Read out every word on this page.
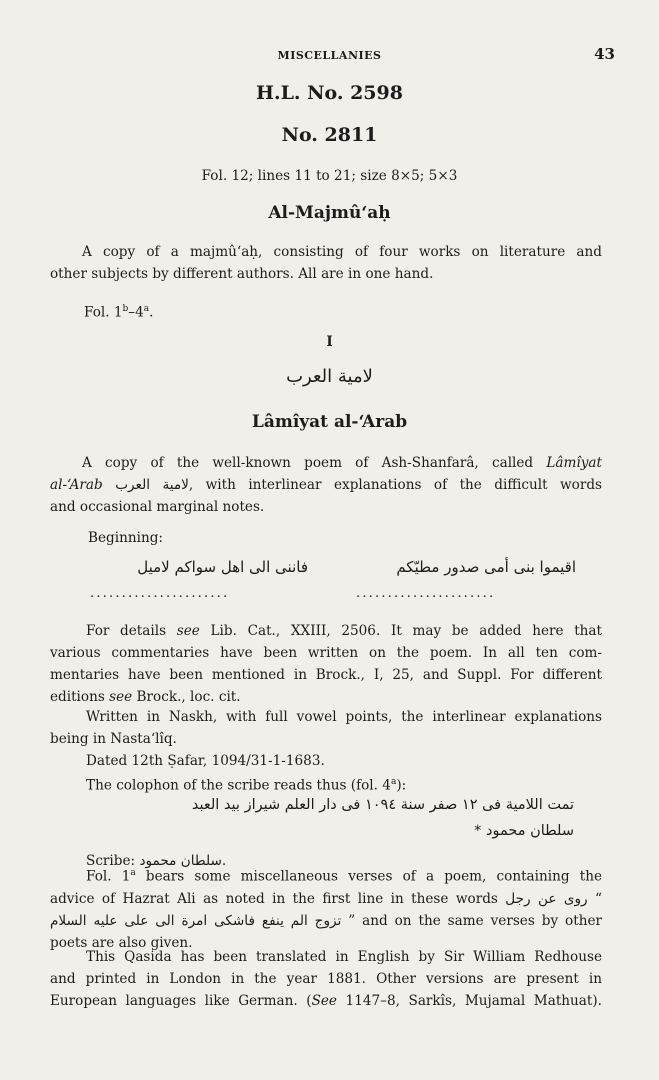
MISCELLANIES	43
H.L. No. 2598
No. 2811
Fol. 12; lines 11 to 21; size 8×5; 5×3
Al-Majmû‘aḥ
A copy of a majmû‘aḥ, consisting of four works on literature and
other subjects by different authors. All are in one hand.
Fol. 1$^b$–4$^a$.
I
لامية العرب
Lâmîyat al-‘Arab
A copy of the well-known poem of Ash-Shanfarâ, called Lâmîyat
al-‘Arab لامية العرب, with interlinear explanations of the difficult words
and occasional marginal notes.
Beginning:
اقيموا بنى أمى صدور مطيّكم
فاننى الى اهل سواكم لاميل
......................
......................
For details see Lib. Cat., XXIII, 2506. It may be added here that
various commentaries have been written on the poem. In all ten com-
mentaries have been mentioned in Brock., I, 25, and Suppl. For different
editions see Brock., loc. cit.
Written in Naskh, with full vowel points, the interlinear explanations
being in Nasta‘lîq.
Dated 12th Ṣafar, 1094/31-1-1683.
The colophon of the scribe reads thus (fol. 4$^a$):
تمت اللامية فى ١٢ صفر سنة ١٠٩٤ فى دار العلم شيراز بيد العبد
سلطان محمود *
Scribe: سلطان محمود.
Fol. 1$^a$ bears some miscellaneous verses of a poem, containing the
advice of Hazrat Ali as noted in the first line in these words روى عن رجل “
تزوج الم ينفع فاشكى امرة الى على عليه السلام ” and on the same verses by other
poets are also given.
This Qasida has been translated in English by Sir William Redhouse
and printed in London in the year 1881. Other versions are present in
European languages like German. (See 1147–8, Sarkîs, Mujamal Mathuat).
